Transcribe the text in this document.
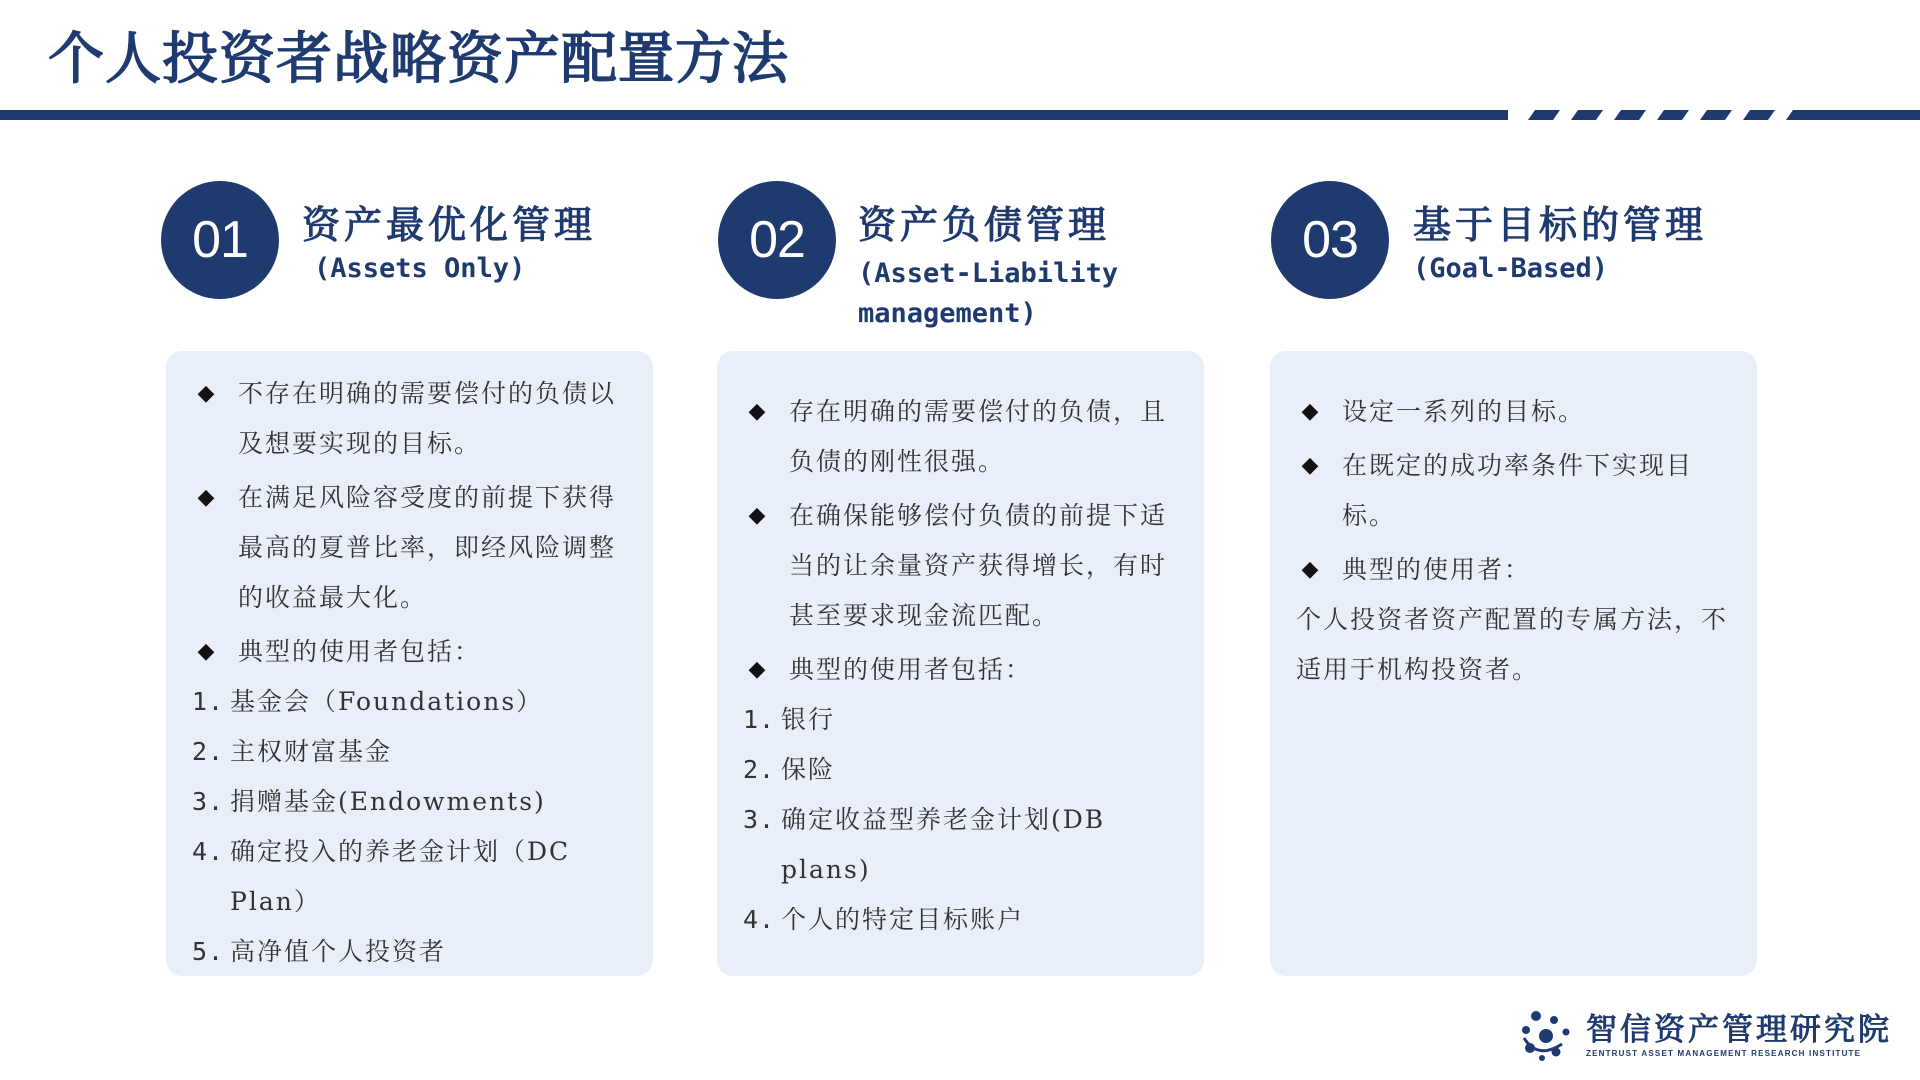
个人投资者战略资产配置方法
01	资产最优化管理
(Assets Only)	02	资产负债管理
(Asset-Liability management)
03	基于目标的管理
(Goal-Based)
◆ 不存在明确的需要偿付的负债以及想要实现的目标。
◆ 在满足风险容受度的前提下获得最高的夏普比率，即经风险调整的收益最大化。
◆ 典型的使用者包括：
1. 基金会（Foundations）
2. 主权财富基金
3. 捐赠基金(Endowments)
4. 确定投入的养老金计划（DC Plan）
5. 高净值个人投资者
◆ 存在明确的需要偿付的负债，且负债的刚性很强。
◆ 在确保能够偿付负债的前提下适当的让余量资产获得增长，有时甚至要求现金流匹配。
◆ 典型的使用者包括：
1. 银行
2. 保险
3. 确定收益型养老金计划(DB plans)
4. 个人的特定目标账户
◆ 设定一系列的目标。
◆ 在既定的成功率条件下实现目标。
◆ 典型的使用者：
个人投资者资产配置的专属方法，不适用于机构投资者。
智信资产管理研究院
ZENTRUST ASSET MANAGEMENT RESEARCH INSTITUTE
